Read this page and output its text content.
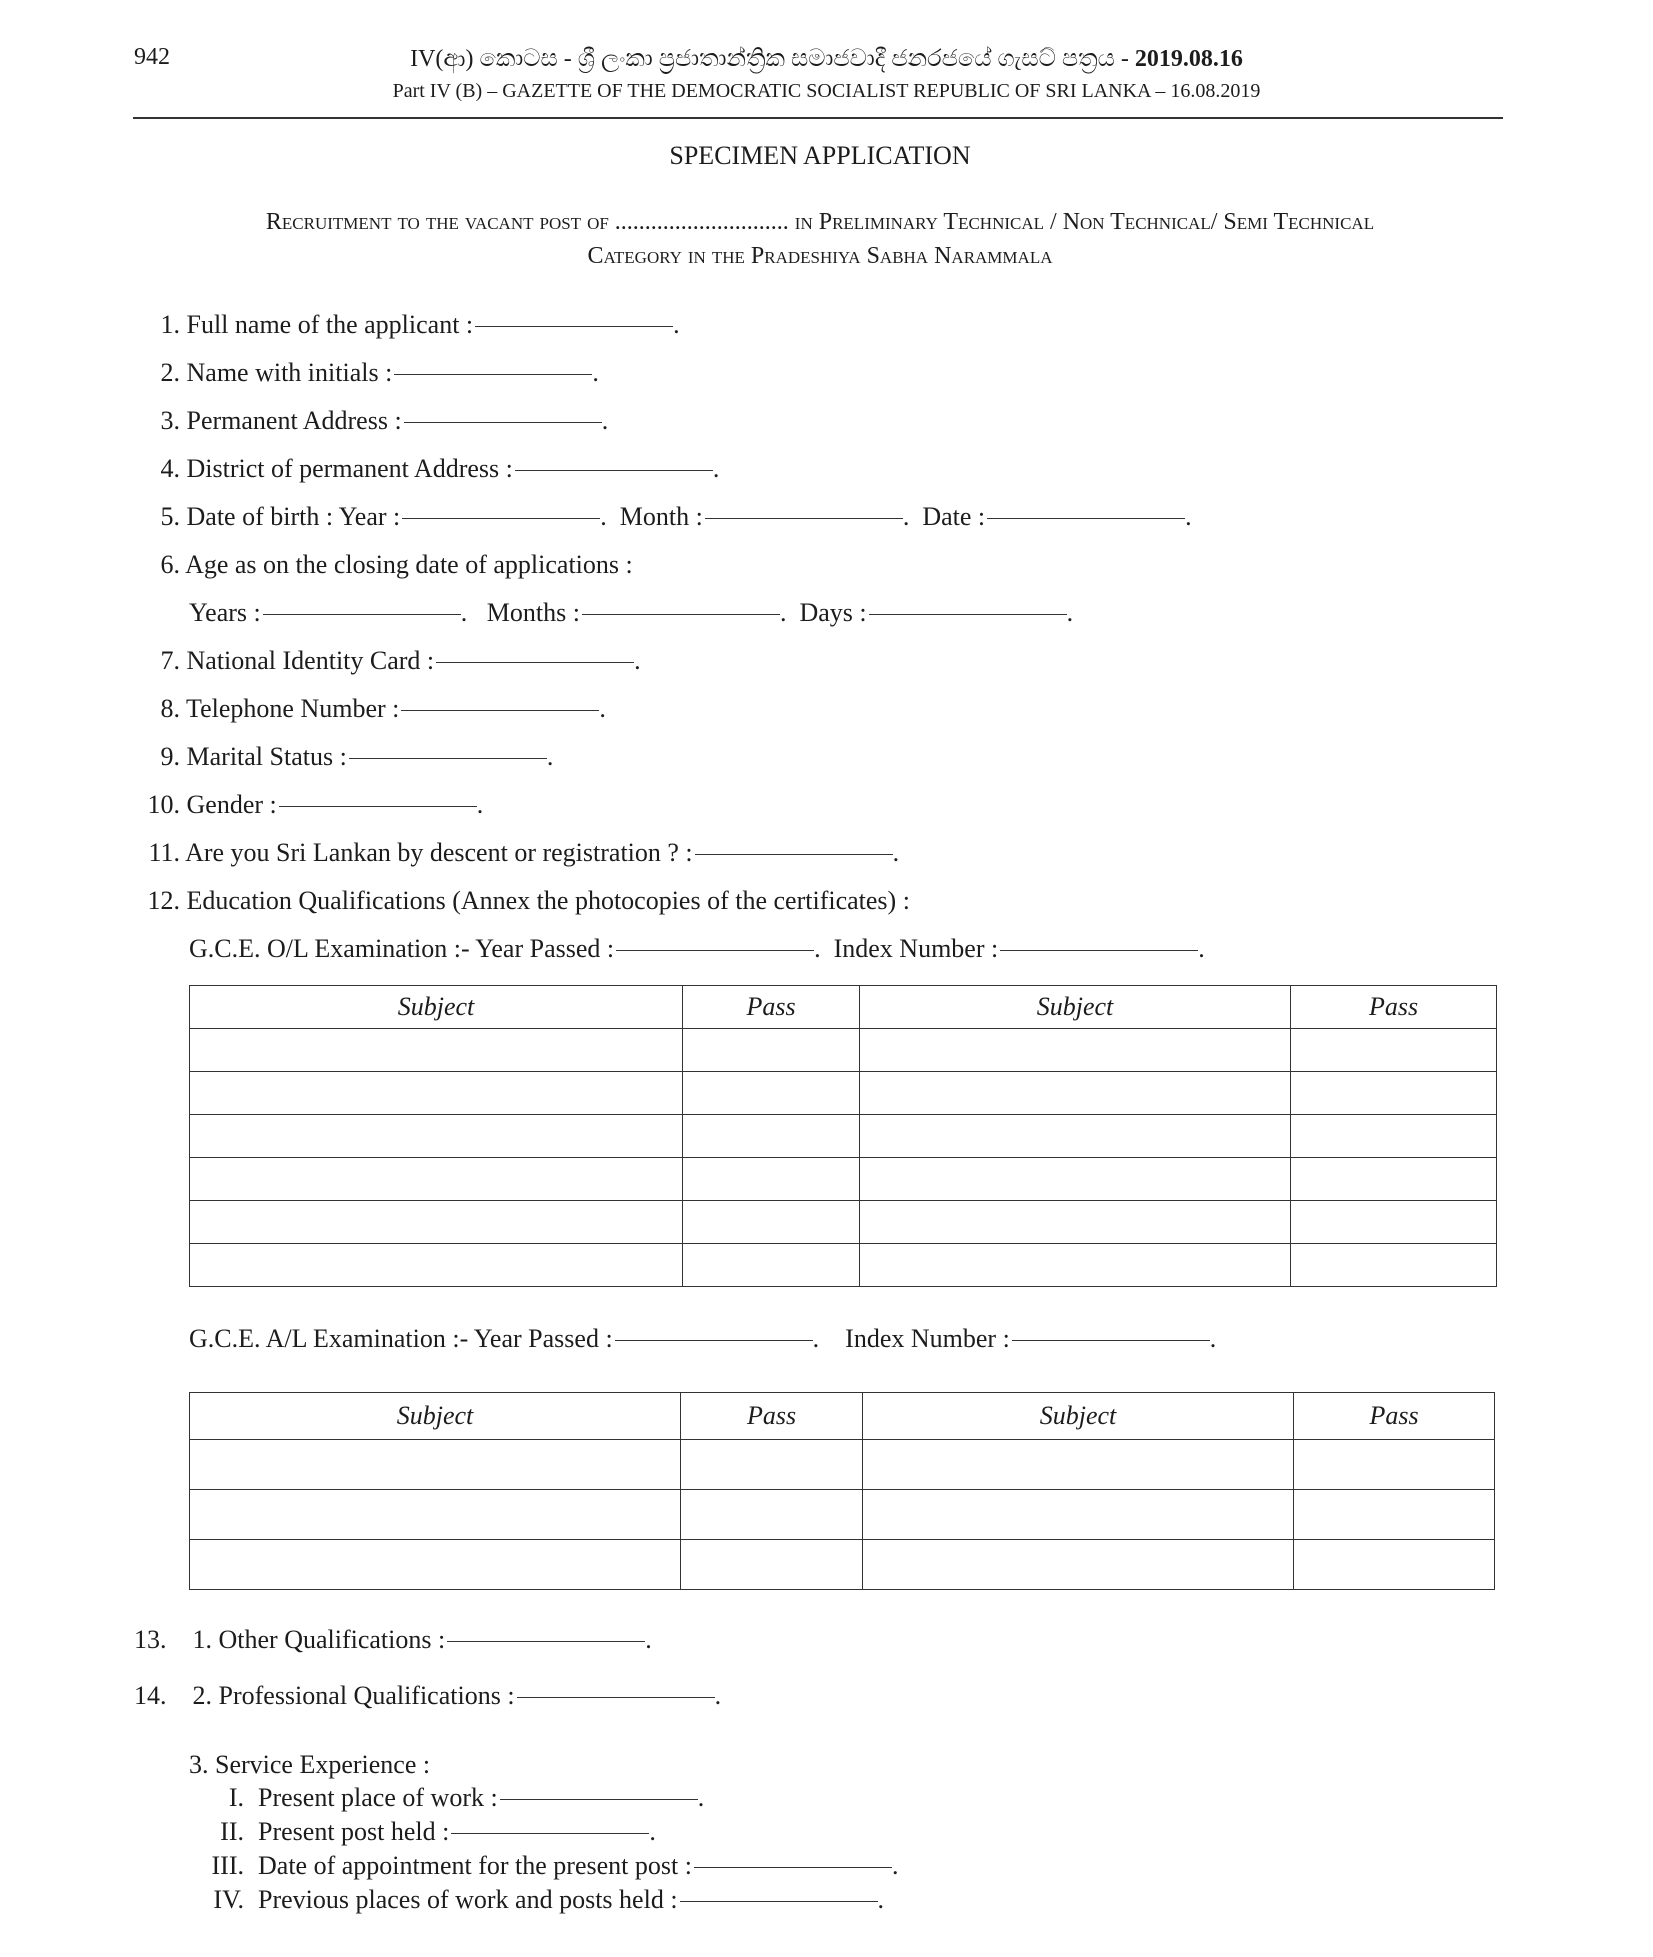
942	IV(ආ) කොටස - ශ්‍රී ලංකා ප්‍රජාතාන්ත්‍රික සමාජවාදී ජනරජයේ ගැසට් පත්‍රය - 2019.08.16
Part IV (B) – GAZETTE OF THE DEMOCRATIC SOCIALIST REPUBLIC OF SRI LANKA – 16.08.2019
SPECIMEN APPLICATION
Recruitment to the vacant post of ............................. in Preliminary Technical / Non Technical/ Semi Technical
Category in the Pradeshiya Sabha Narammala
1. Full name of the applicant :	.
2. Name with initials :	.
3. Permanent Address :	.
4. District of permanent Address :	.
5. Date of birth : Year :	.  Month :	.  Date :	.
6. Age as on the closing date of applications :
Years :	.   Months :	.  Days :	.
7. National Identity Card :	.
8. Telephone Number :	.
9. Marital Status :	.
10. Gender :	.
11. Are you Sri Lankan by descent or registration ? :	.
12. Education Qualifications (Annex the photocopies of the certificates) :
G.C.E. O/L Examination :- Year Passed :	.  Index Number :	.
Subject	Pass	Subject	Pass

G.C.E. A/L Examination :- Year Passed :	.    Index Number :	.
Subject	Pass	Subject	Pass

13. 1. Other Qualifications :	.
14. 2. Professional Qualifications :	.
3. Service Experience :
I. Present place of work :	.
II. Present post held :	.
III. Date of appointment for the present post :	.
IV. Previous places of work and posts held :	.
